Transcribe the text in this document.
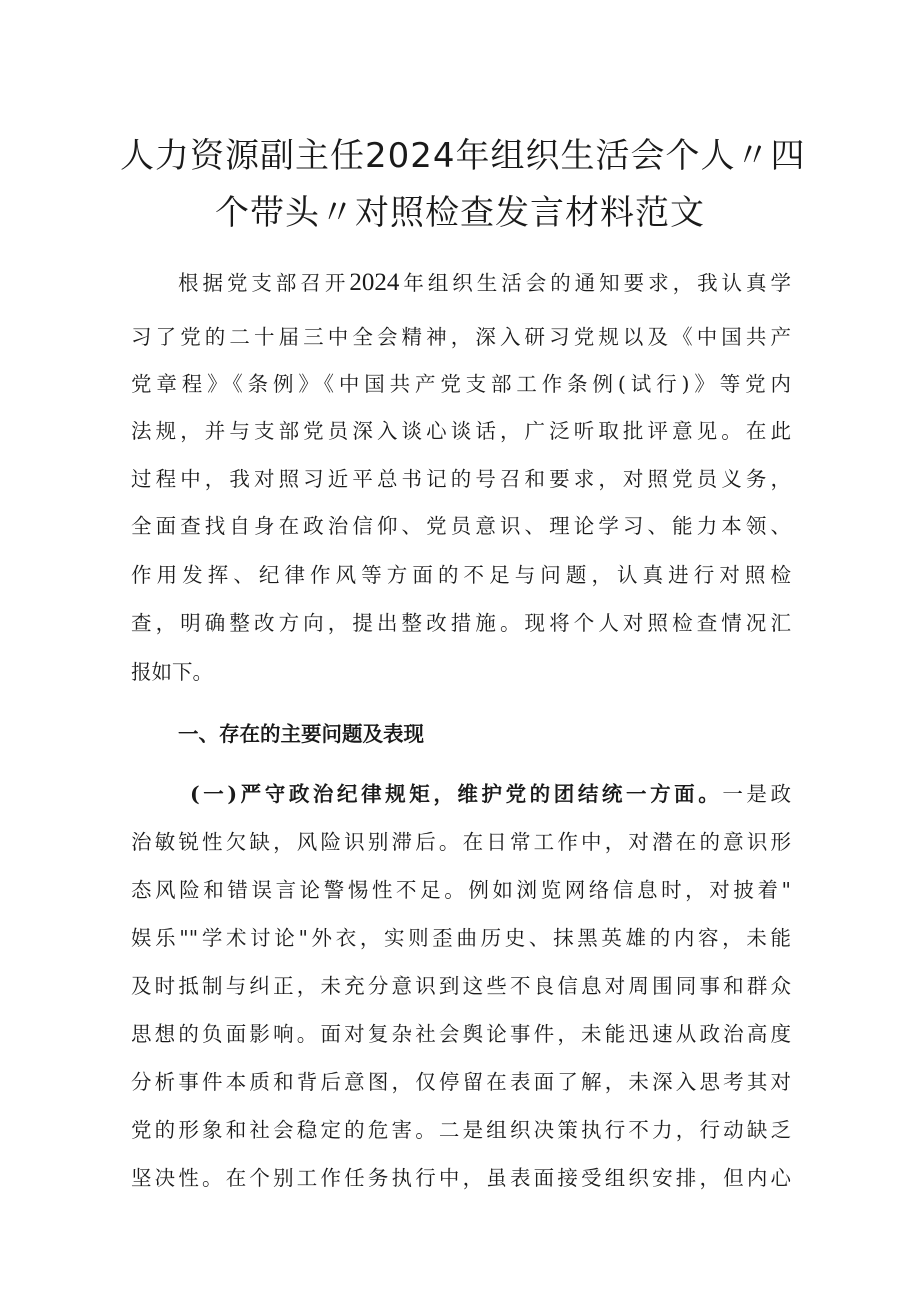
人力资源副主任2024年组织生活会个人〃四
个带头〃对照检查发言材料范文
根据党支部召开2024年组织生活会的通知要求，我认真学
习了党的二十届三中全会精神，深入研习党规以及《中国共产
党章程》《条例》《中国共产党支部工作条例(试行)》等党内
法规，并与支部党员深入谈心谈话，广泛听取批评意见。在此
过程中，我对照习近平总书记的号召和要求，对照党员义务，
全面查找自身在政治信仰、党员意识、理论学习、能力本领、
作用发挥、纪律作风等方面的不足与问题，认真进行对照检
查，明确整改方向，提出整改措施。现将个人对照检查情况汇
报如下。
一、存在的主要问题及表现
(一)严守政治纪律规矩，维护党的团结统一方面。一是政
治敏锐性欠缺，风险识别滞后。在日常工作中，对潜在的意识形
态风险和错误言论警惕性不足。例如浏览网络信息时，对披着"
娱乐""学术讨论"外衣，实则歪曲历史、抹黑英雄的内容，未能
及时抵制与纠正，未充分意识到这些不良信息对周围同事和群众
思想的负面影响。面对复杂社会舆论事件，未能迅速从政治高度
分析事件本质和背后意图，仅停留在表面了解，未深入思考其对
党的形象和社会稳定的危害。二是组织决策执行不力，行动缺乏
坚决性。在个别工作任务执行中，虽表面接受组织安排，但内心
